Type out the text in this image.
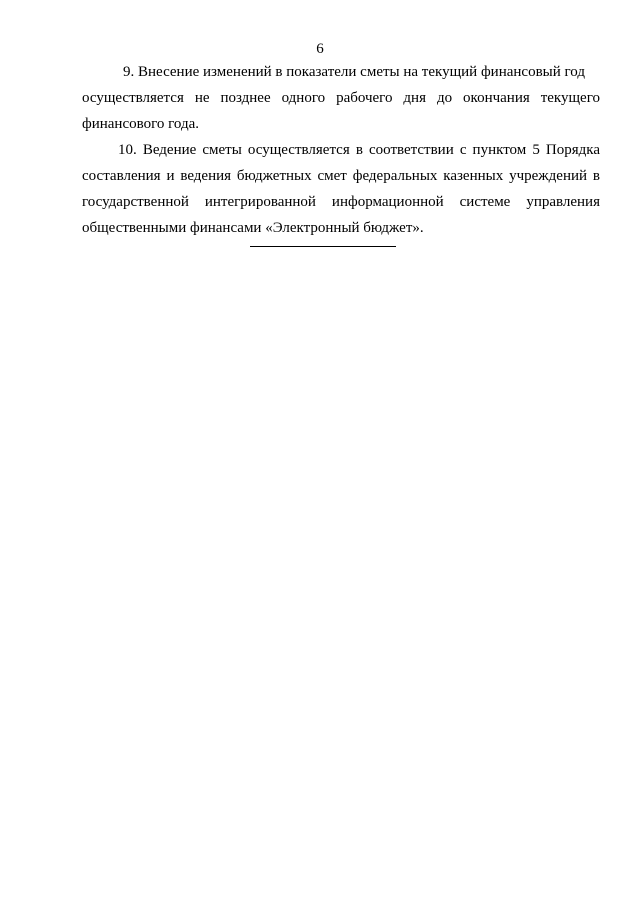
6
9. Внесение изменений в показатели сметы на текущий финансовый год
осуществляется не позднее одного рабочего дня до окончания текущего
финансового года.
10. Ведение сметы осуществляется в соответствии с пунктом 5 Порядка
составления и ведения бюджетных смет федеральных казенных учреждений в
государственной интегрированной информационной системе управления
общественными финансами «Электронный бюджет».
